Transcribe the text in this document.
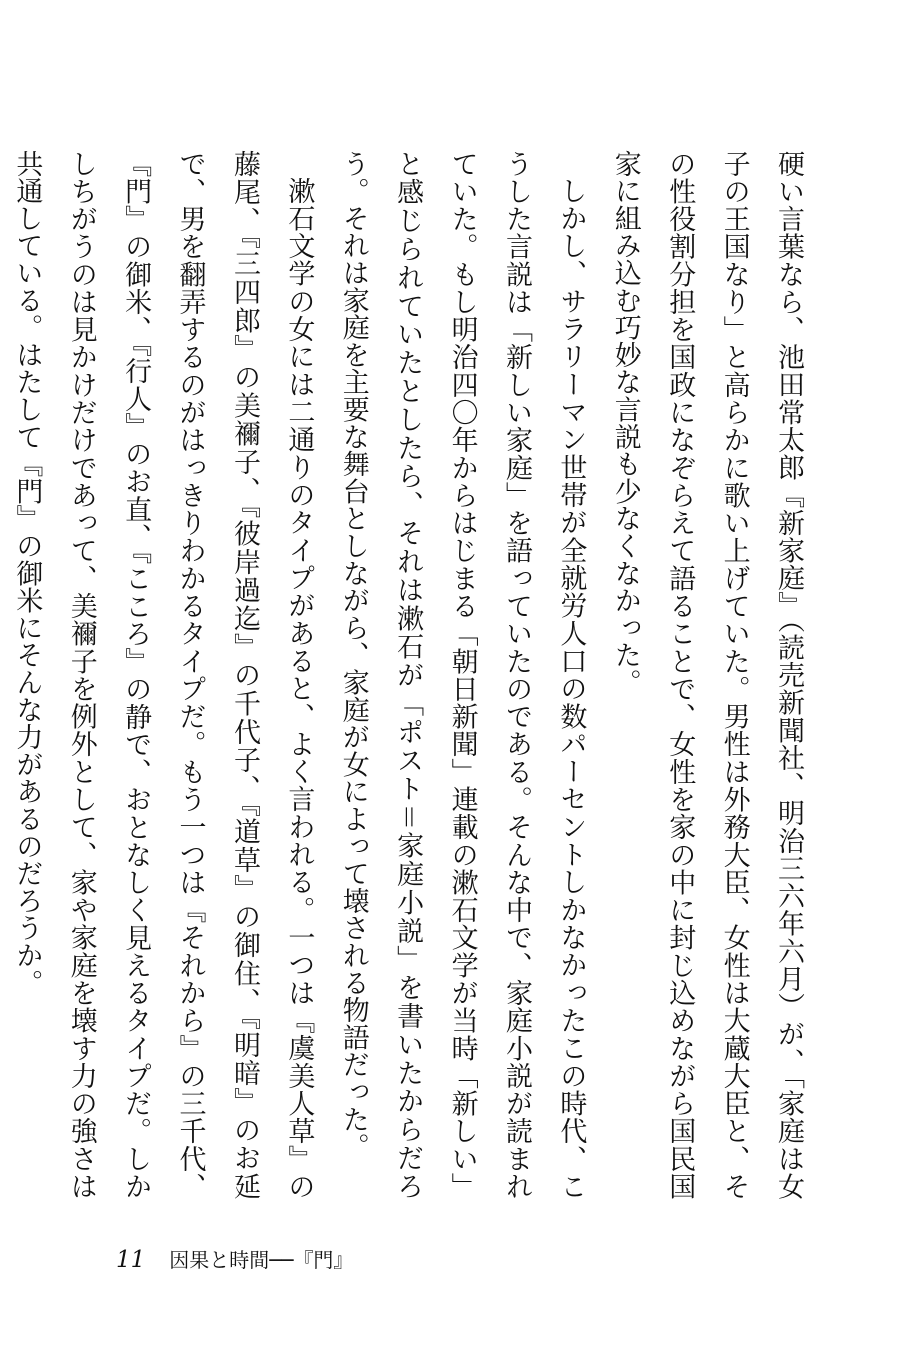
硬い言葉なら、池田常太郎『新家庭』（読売新聞社、明治三六年六月）が、「家庭は女子の王国なり」と高らかに歌い上げていた。男性は外務大臣、女性は大蔵大臣と、その性役割分担を国政になぞらえて語ることで、女性を家の中に封じ込めながら国民国家に組み込む巧妙な言説も少なくなかった。

しかし、サラリーマン世帯が全就労人口の数パーセントしかなかったこの時代、こうした言説は「新しい家庭」を語っていたのである。そんな中で、家庭小説が読まれていた。もし明治四〇年からはじまる「朝日新聞」連載の漱石文学が当時「新しい」と感じられていたとしたら、それは漱石が「ポスト＝家庭小説」を書いたからだろう。それは家庭を主要な舞台としながら、家庭が女によって壊される物語だった。

漱石文学の女には二通りのタイプがあると、よく言われる。一つは『虞美人草』の藤尾、『三四郎』の美禰子、『彼岸過迄』の千代子、『道草』の御住、『明暗』のお延で、男を翻弄するのがはっきりわかるタイプだ。もう一つは『それから』の三千代、『門』の御米、『行人』のお直、『こころ』の静で、おとなしく見えるタイプだ。しかしちがうのは見かけだけであって、美禰子を例外として、家や家庭を壊す力の強さは共通している。はたして『門』の御米にそんな力があるのだろうか。

11 因果と時間──『門』
